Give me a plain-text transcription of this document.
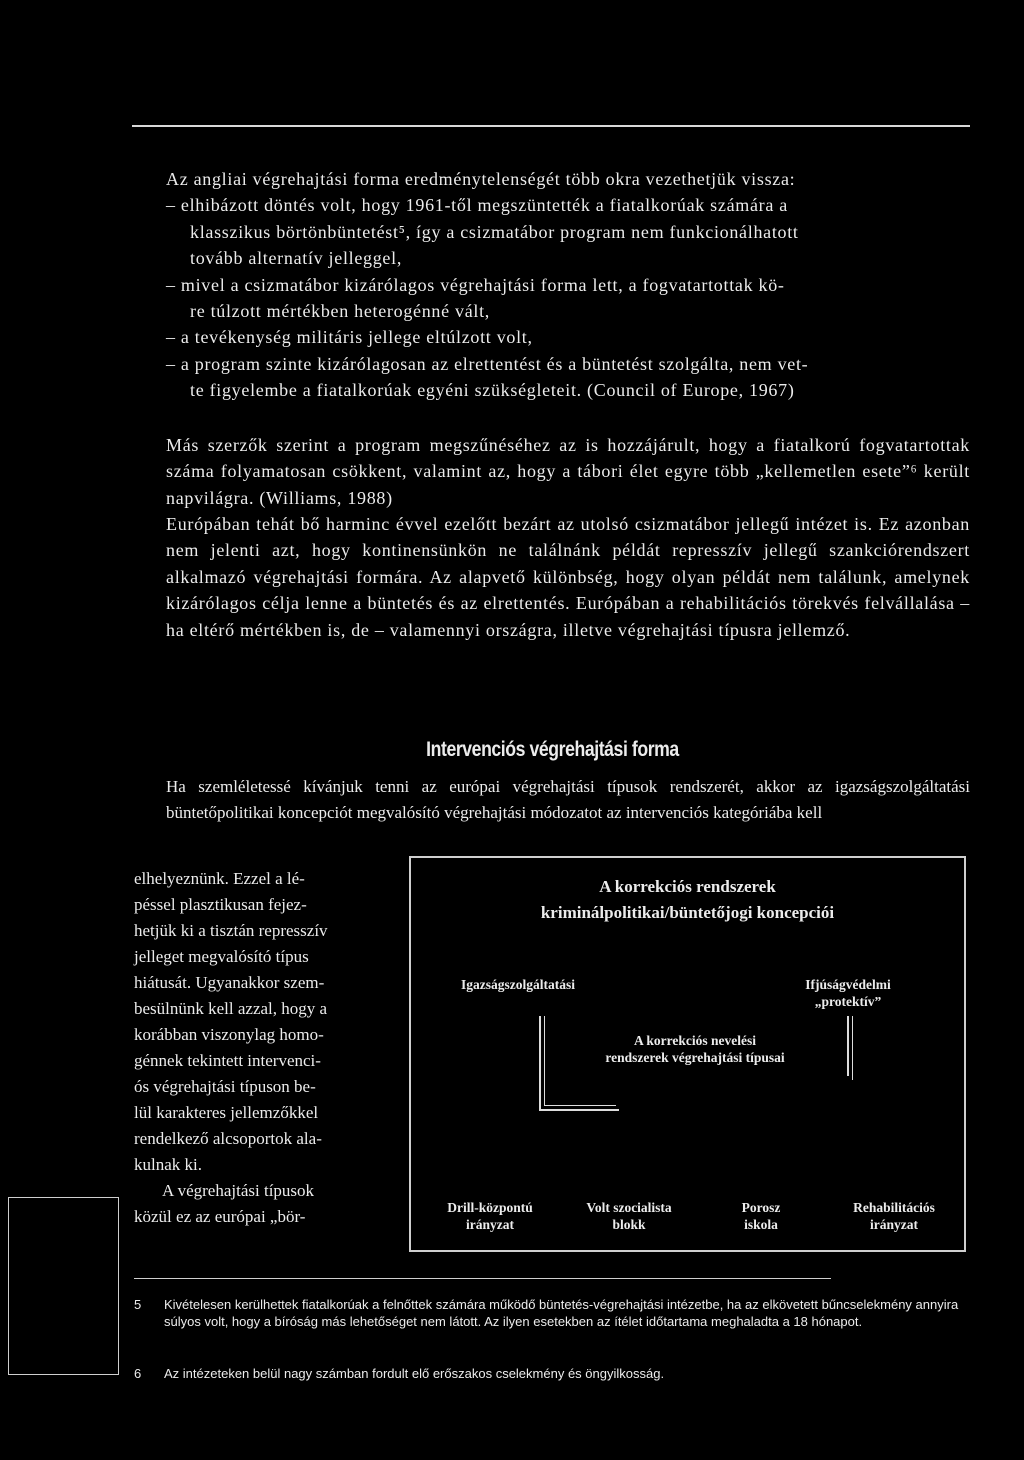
Az angliai végrehajtási forma eredménytelenségét több okra vezethetjük vissza:
– elhibázott döntés volt, hogy 1961-től megszüntették a fiatalkorúak számára a
klasszikus börtönbüntetést⁵, így a csizmatábor program nem funkcionálhatott
tovább alternatív jelleggel,
– mivel a csizmatábor kizárólagos végrehajtási forma lett, a fogvatartottak kö-
re túlzott mértékben heterogénné vált,
– a tevékenység militáris jellege eltúlzott volt,
– a program szinte kizárólagosan az elrettentést és a büntetést szolgálta, nem vet-
te figyelembe a fiatalkorúak egyéni szükségleteit. (Council of Europe, 1967)

Más szerzők szerint a program megszűnéséhez az is hozzájárult, hogy a fiatalkorú fogvatartottak száma folyamatosan csökkent, valamint az, hogy a tábori élet egyre több „kellemetlen esete”⁶ került napvilágra. (Williams, 1988)

Európában tehát bő harminc évvel ezelőtt bezárt az utolsó csizmatábor jellegű intézet is. Ez azonban nem jelenti azt, hogy kontinensünkön ne találnánk példát represszív jellegű szankciórendszert alkalmazó végrehajtási formára. Az alapvető különbség, hogy olyan példát nem találunk, amelynek kizárólagos célja lenne a büntetés és az elrettentés. Európában a rehabilitációs törekvés felvállalása – ha eltérő mértékben is, de – valamennyi országra, illetve végrehajtási típusra jellemző.

Intervenciós végrehajtási forma

Ha szemléletessé kívánjuk tenni az európai végrehajtási típusok rendszerét, akkor az igazságszolgáltatási büntetőpolitikai koncepciót megvalósító végrehajtási módozatot az intervenciós kategóriába kell

elhelyeznünk. Ezzel a lé-
péssel plasztikusan fejez-
hetjük ki a tisztán represszív
jelleget megvalósító típus
hiátusát. Ugyanakkor szem-
besülnünk kell azzal, hogy a
korábban viszonylag homo-
génnek tekintett intervenci-
ós végrehajtási típuson be-
lül karakteres jellemzőkkel
rendelkező alcsoportok ala-
kulnak ki.
A végrehajtási típusok
közül ez az európai „bör-
A korrekciós rendszerek
kriminálpolitikai/büntetőjogi koncepciói
Igazságszolgáltatási	Ifjúságvédelmi
„protektív”
A korrekciós nevelési
rendszerek végrehajtási típusai
Drill-központú
irányzat
Volt szocialista
blokk
Porosz
iskola
Rehabilitációs
irányzat
5 Kivételesen kerülhettek fiatalkorúak a felnőttek számára működő büntetés-végrehajtási intézetbe, ha az elkövetett bűncselekmény annyira súlyos volt, hogy a bíróság más lehetőséget nem látott. Az ilyen esetekben az ítélet időtartama meghaladta a 18 hónapot.
6 Az intézeteken belül nagy számban fordult elő erőszakos cselekmény és öngyilkosság.
